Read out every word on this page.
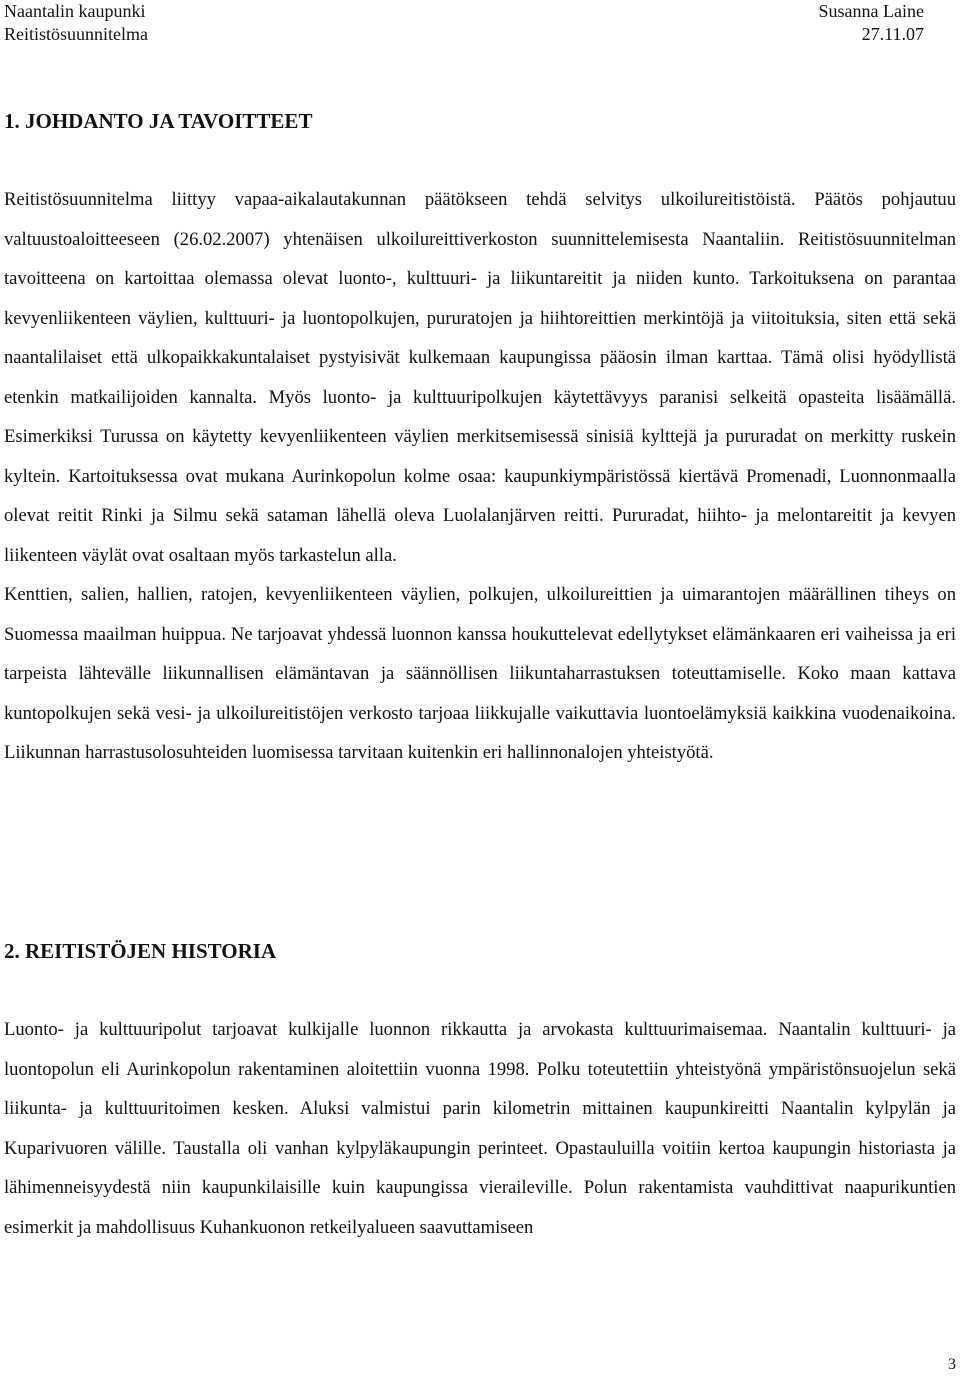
Naantalin kaupunki
Reitistösuunnitelma
Susanna Laine
27.11.07
1. JOHDANTO JA TAVOITTEET

Reitistösuunnitelma liittyy vapaa-aikalautakunnan päätökseen tehdä selvitys ulkoilureitistöistä. Päätös pohjautuu valtuustoaloitteeseen (26.02.2007) yhtenäisen ulkoilureittiverkoston suunnittelemisesta Naantaliin. Reitistösuunnitelman tavoitteena on kartoittaa olemassa olevat luonto-, kulttuuri- ja liikuntareitit ja niiden kunto. Tarkoituksena on parantaa kevyenliikenteen väylien, kulttuuri- ja luontopolkujen, pururatojen ja hiihtoreittien merkintöjä ja viitoituksia, siten että sekä naantalilaiset että ulkopaikkakuntalaiset pystyisivät kulkemaan kaupungissa pääosin ilman karttaa. Tämä olisi hyödyllistä etenkin matkailijoiden kannalta. Myös luonto- ja kulttuuripolkujen käytettävyys paranisi selkeitä opasteita lisäämällä. Esimerkiksi Turussa on käytetty kevyenliikenteen väylien merkitsemisessä sinisiä kylttejä ja pururadat on merkitty ruskein kyltein. Kartoituksessa ovat mukana Aurinkopolun kolme osaa: kaupunkiympäristössä kiertävä Promenadi, Luonnonmaalla olevat reitit Rinki ja Silmu sekä sataman lähellä oleva Luolalanjärven reitti. Pururadat, hiihto- ja melontareitit ja kevyen liikenteen väylät ovat osaltaan myös tarkastelun alla.

Kenttien, salien, hallien, ratojen, kevyenliikenteen väylien, polkujen, ulkoilureittien ja uimarantojen määrällinen tiheys on Suomessa maailman huippua. Ne tarjoavat yhdessä luonnon kanssa houkuttelevat edellytykset elämänkaaren eri vaiheissa ja eri tarpeista lähtevälle liikunnallisen elämäntavan ja säännöllisen liikuntaharrastuksen toteuttamiselle. Koko maan kattava kuntopolkujen sekä vesi- ja ulkoilureitistöjen verkosto tarjoaa liikkujalle vaikuttavia luontoelämyksiä kaikkina vuodenaikoina. Liikunnan harrastusolosuhteiden luomisessa tarvitaan kuitenkin eri hallinnonalojen yhteistyötä.

2. REITISTÖJEN HISTORIA

Luonto- ja kulttuuripolut tarjoavat kulkijalle luonnon rikkautta ja arvokasta kulttuurimaisemaa. Naantalin kulttuuri- ja luontopolun eli Aurinkopolun rakentaminen aloitettiin vuonna 1998. Polku toteutettiin yhteistyönä ympäristönsuojelun sekä liikunta- ja kulttuuritoimen kesken. Aluksi valmistui parin kilometrin mittainen kaupunkireitti Naantalin kylpylän ja Kuparivuoren välille. Taustalla oli vanhan kylpyläkaupungin perinteet. Opastauluilla voitiin kertoa kaupungin historiasta ja lähimenneisyydestä niin kaupunkilaisille kuin kaupungissa vieraileville. Polun rakentamista vauhdittivat naapurikuntien esimerkit ja mahdollisuus Kuhankuonon retkeilyalueen saavuttamiseen

3
